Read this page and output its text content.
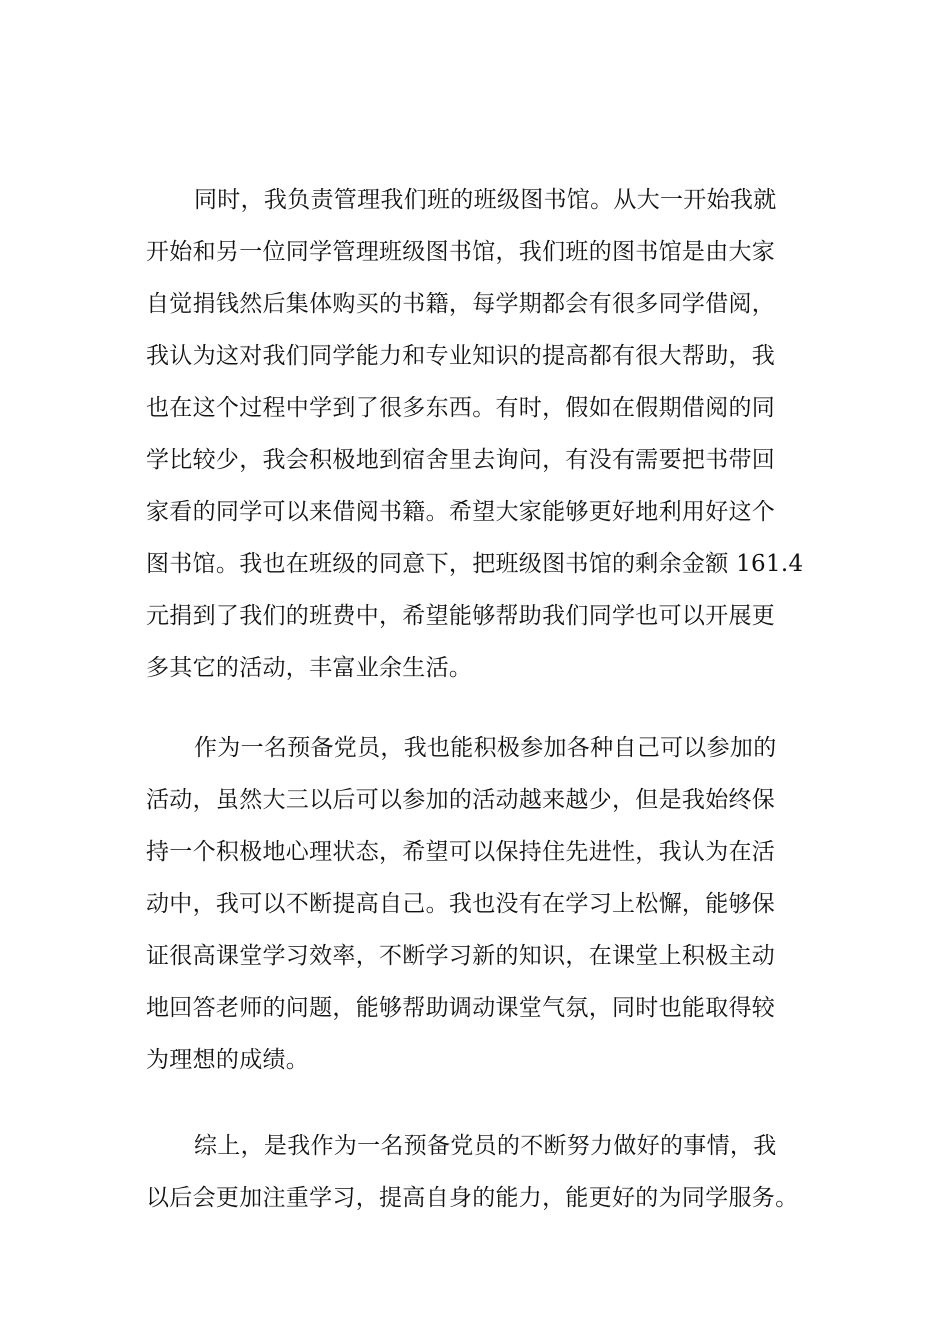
同时，我负责管理我们班的班级图书馆。从大一开始我就
开始和另一位同学管理班级图书馆，我们班的图书馆是由大家
自觉捐钱然后集体购买的书籍，每学期都会有很多同学借阅，
我认为这对我们同学能力和专业知识的提高都有很大帮助，我
也在这个过程中学到了很多东西。有时，假如在假期借阅的同
学比较少，我会积极地到宿舍里去询问，有没有需要把书带回
家看的同学可以来借阅书籍。希望大家能够更好地利用好这个
图书馆。我也在班级的同意下，把班级图书馆的剩余金额 161.4
元捐到了我们的班费中，希望能够帮助我们同学也可以开展更
多其它的活动，丰富业余生活。
作为一名预备党员，我也能积极参加各种自己可以参加的
活动，虽然大三以后可以参加的活动越来越少，但是我始终保
持一个积极地心理状态，希望可以保持住先进性，我认为在活
动中，我可以不断提高自己。我也没有在学习上松懈，能够保
证很高课堂学习效率，不断学习新的知识，在课堂上积极主动
地回答老师的问题，能够帮助调动课堂气氛，同时也能取得较
为理想的成绩。
综上，是我作为一名预备党员的不断努力做好的事情，我
以后会更加注重学习，提高自身的能力，能更好的为同学服务。
